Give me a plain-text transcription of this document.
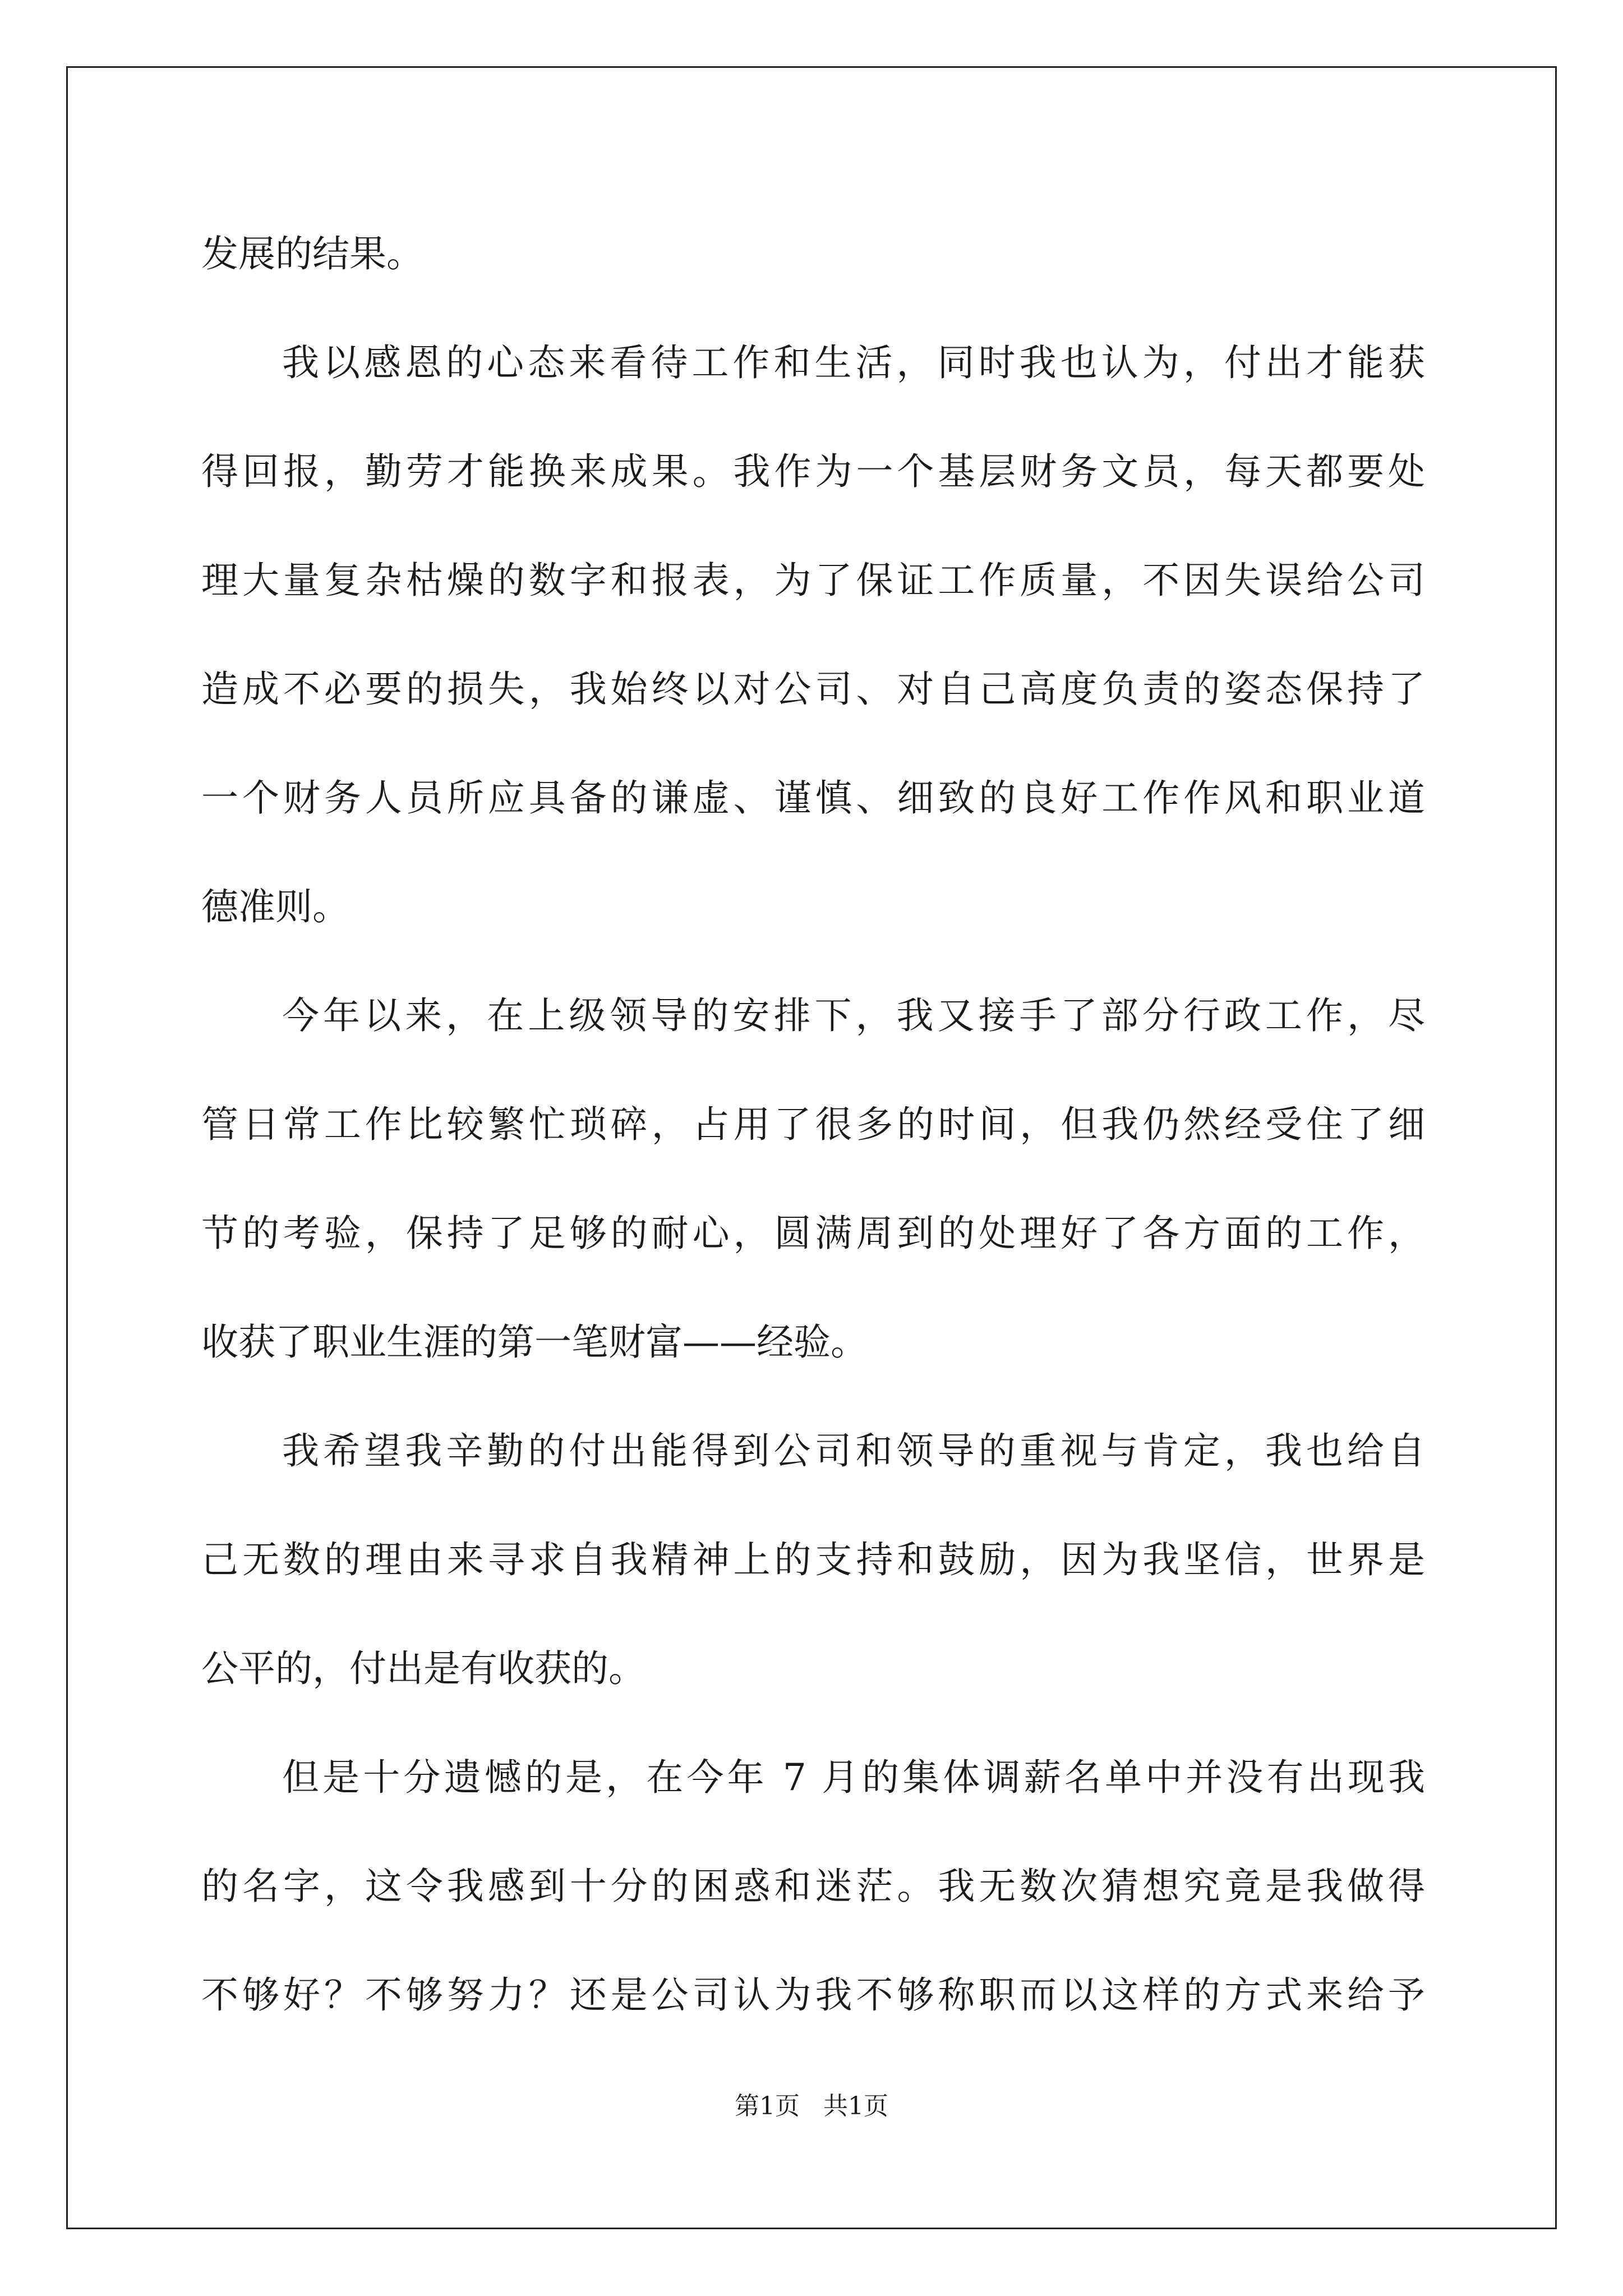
发展的结果。
我以感恩的心态来看待工作和生活，同时我也认为，付出才能获
得回报，勤劳才能换来成果。我作为一个基层财务文员，每天都要处
理大量复杂枯燥的数字和报表，为了保证工作质量，不因失误给公司
造成不必要的损失，我始终以对公司、对自己高度负责的姿态保持了
一个财务人员所应具备的谦虚、谨慎、细致的良好工作作风和职业道
德准则。
今年以来，在上级领导的安排下，我又接手了部分行政工作，尽
管日常工作比较繁忙琐碎，占用了很多的时间，但我仍然经受住了细
节的考验，保持了足够的耐心，圆满周到的处理好了各方面的工作，
收获了职业生涯的第一笔财富——经验。
我希望我辛勤的付出能得到公司和领导的重视与肯定，我也给自
己无数的理由来寻求自我精神上的支持和鼓励，因为我坚信，世界是
公平的，付出是有收获的。
但是十分遗憾的是，在今年 7 月的集体调薪名单中并没有出现我
的名字，这令我感到十分的困惑和迷茫。我无数次猜想究竟是我做得
不够好？不够努力？还是公司认为我不够称职而以这样的方式来给予
第1页 共1页
